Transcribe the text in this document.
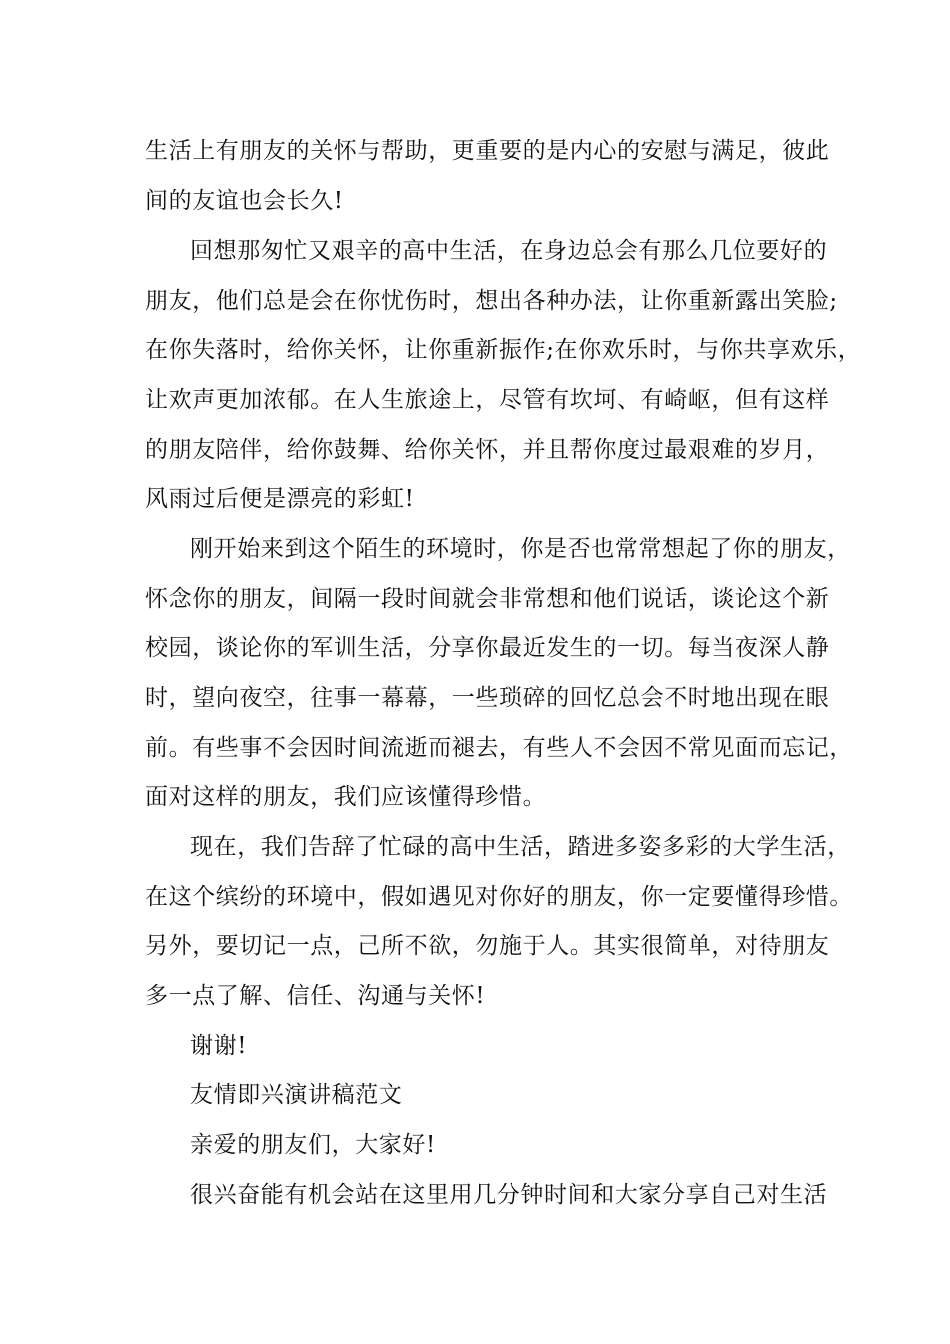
生活上有朋友的关怀与帮助，更重要的是内心的安慰与满足，彼此
间的友谊也会长久!
回想那匆忙又艰辛的高中生活，在身边总会有那么几位要好的
朋友，他们总是会在你忧伤时，想出各种办法，让你重新露出笑脸;
在你失落时，给你关怀，让你重新振作;在你欢乐时，与你共享欢乐，
让欢声更加浓郁。在人生旅途上，尽管有坎坷、有崎岖，但有这样
的朋友陪伴，给你鼓舞、给你关怀，并且帮你度过最艰难的岁月，
风雨过后便是漂亮的彩虹!
刚开始来到这个陌生的环境时，你是否也常常想起了你的朋友，
怀念你的朋友，间隔一段时间就会非常想和他们说话，谈论这个新
校园，谈论你的军训生活，分享你最近发生的一切。每当夜深人静
时，望向夜空，往事一幕幕，一些琐碎的回忆总会不时地出现在眼
前。有些事不会因时间流逝而褪去，有些人不会因不常见面而忘记，
面对这样的朋友，我们应该懂得珍惜。
现在，我们告辞了忙碌的高中生活，踏进多姿多彩的大学生活，
在这个缤纷的环境中，假如遇见对你好的朋友，你一定要懂得珍惜。
另外，要切记一点，己所不欲，勿施于人。其实很简单，对待朋友
多一点了解、信任、沟通与关怀!
谢谢!
友情即兴演讲稿范文
亲爱的朋友们，大家好!
很兴奋能有机会站在这里用几分钟时间和大家分享自己对生活
